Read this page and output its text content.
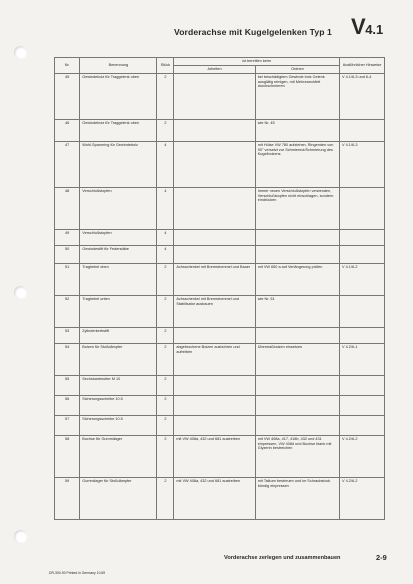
Vorderachse mit Kugelgelenken Typ 1 V4.1
Nr.	Benennung	Stück	ist bereitlen beim		Ausführlicher Hinweise
			Arbeiten	Ordnen	
45	Gewindebolz für Traggelenk oben	2		bei beschädigtem Gewinde bolz Gelenk ausglätig reinigen, mit Mehrzweckfett durchschmieren	V 4.1/6-3 und 6-4
46	Gewindebolz für Traggelenk oben	2		wie Nr. 45	
47	Wohl-Spannring für Gewindebolz	4		mit Hülse VW 780 aufziehen, Ringenden von 90° versetzt zur Schmiernut/Schmierung des Kugelbolzens	V 4.1/6-3
48	Verschlußstopfen	4		Immer neuen Verschlußstopfen verwenden, Verschlußstopfen nicht einschlagen, sondern eindrücken	
49	Verschlußstopfen	4			
50	Gewindestift für Federstäbe	4			
51	Traghebel oben	2	Achsschenkel mit Bremstrommel und Bauer	mit VW 650 a auf Verlängerung prüfen	V 4.1/6-2
52	Traghebel unten	2	Achsschenkel mit Bremstrommel und Stabilisator ausbauen	wie Nr. 51	
53	Zylinderkerbstift	2			
54	Bolzen für Stoßdämpfer	2	abgebrochene Bolzen ausbohren und aufreiben	Übermaßbolzen einsetzen	V 4.2/6-1
55	Sechskantmutter M 10	2			
56	Sicherungsscheibe 10.5	2			
57	Sicherungsscheibe 10.5	2			
58	Buchse für Gummilager	2	mit VW 408a, 432 und 681 austreiben	mit VW 408a, 417, 418b, 432 und 431 einpressen, VW 408d und Buchse blank mit Glyzerin bestreichen	V 4.2/6-2
59	Gummilager für Stoßdämpfer	2	mit VW 408a, 432 und 681 austreiben	mit Talkum bestreuen und im Schraubstock bündig einpressen	V 4.2/6-2
Vorderachse zerlegen und zusammenbauen	2-9
DR-300-90 Printed in Germany 10.69
